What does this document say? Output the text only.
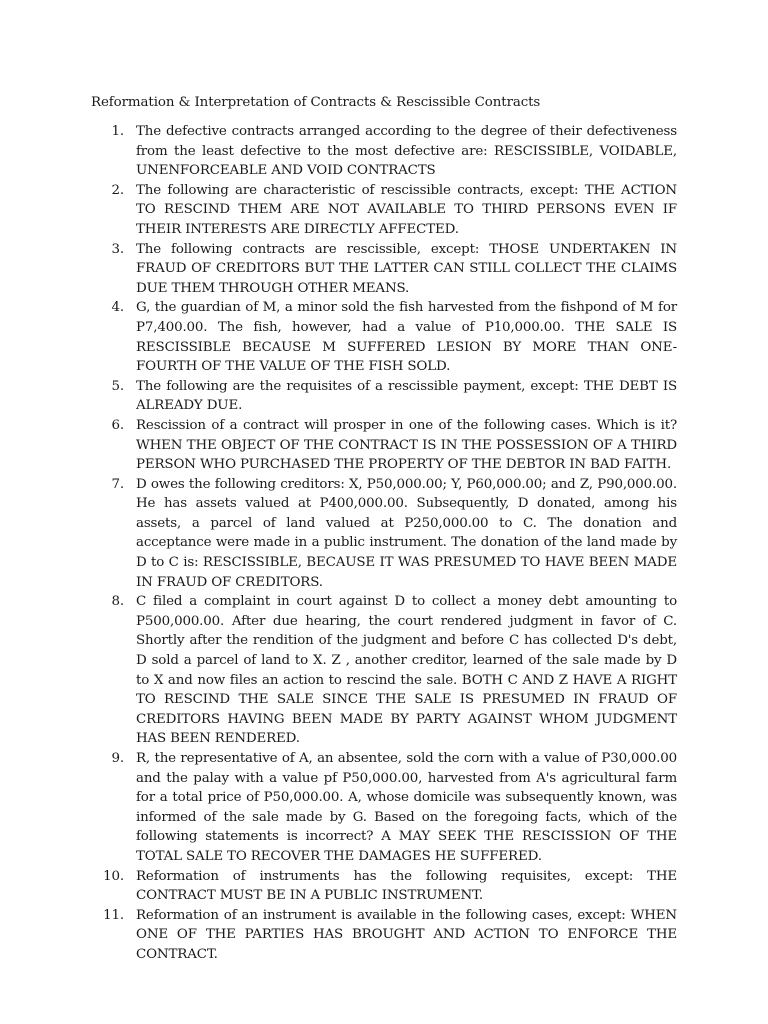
Reformation & Interpretation of Contracts & Rescissible Contracts
1. The defective contracts arranged according to the degree of their defectiveness from the least defective to the most defective are: RESCISSIBLE, VOIDABLE, UNENFORCEABLE AND VOID CONTRACTS
2. The following are characteristic of rescissible contracts, except: THE ACTION TO RESCIND THEM ARE NOT AVAILABLE TO THIRD PERSONS EVEN IF THEIR INTERESTS ARE DIRECTLY AFFECTED.
3. The following contracts are rescissible, except: THOSE UNDERTAKEN IN FRAUD OF CREDITORS BUT THE LATTER CAN STILL COLLECT THE CLAIMS DUE THEM THROUGH OTHER MEANS.
4. G, the guardian of M, a minor sold the fish harvested from the fishpond of M for P7,400.00. The fish, however, had a value of P10,000.00. THE SALE IS RESCISSIBLE BECAUSE M SUFFERED LESION BY MORE THAN ONE-FOURTH OF THE VALUE OF THE FISH SOLD.
5. The following are the requisites of a rescissible payment, except: THE DEBT IS ALREADY DUE.
6. Rescission of a contract will prosper in one of the following cases. Which is it? WHEN THE OBJECT OF THE CONTRACT IS IN THE POSSESSION OF A THIRD PERSON WHO PURCHASED THE PROPERTY OF THE DEBTOR IN BAD FAITH.
7. D owes the following creditors: X, P50,000.00; Y, P60,000.00; and Z, P90,000.00. He has assets valued at P400,000.00. Subsequently, D donated, among his assets, a parcel of land valued at P250,000.00 to C. The donation and acceptance were made in a public instrument. The donation of the land made by D to C is: RESCISSIBLE, BECAUSE IT WAS PRESUMED TO HAVE BEEN MADE IN FRAUD OF CREDITORS.
8. C filed a complaint in court against D to collect a money debt amounting to P500,000.00. After due hearing, the court rendered judgment in favor of C. Shortly after the rendition of the judgment and before C has collected D's debt, D sold a parcel of land to X. Z , another creditor, learned of the sale made by D to X and now files an action to rescind the sale. BOTH C AND Z HAVE A RIGHT TO RESCIND THE SALE SINCE THE SALE IS PRESUMED IN FRAUD OF CREDITORS HAVING BEEN MADE BY PARTY AGAINST WHOM JUDGMENT HAS BEEN RENDERED.
9. R, the representative of A, an absentee, sold the corn with a value of P30,000.00 and the palay with a value pf P50,000.00, harvested from A's agricultural farm for a total price of P50,000.00. A, whose domicile was subsequently known, was informed of the sale made by G. Based on the foregoing facts, which of the following statements is incorrect? A MAY SEEK THE RESCISSION OF THE TOTAL SALE TO RECOVER THE DAMAGES HE SUFFERED.
10. Reformation of instruments has the following requisites, except: THE CONTRACT MUST BE IN A PUBLIC INSTRUMENT.
11. Reformation of an instrument is available in the following cases, except: WHEN ONE OF THE PARTIES HAS BROUGHT AND ACTION TO ENFORCE THE CONTRACT.
